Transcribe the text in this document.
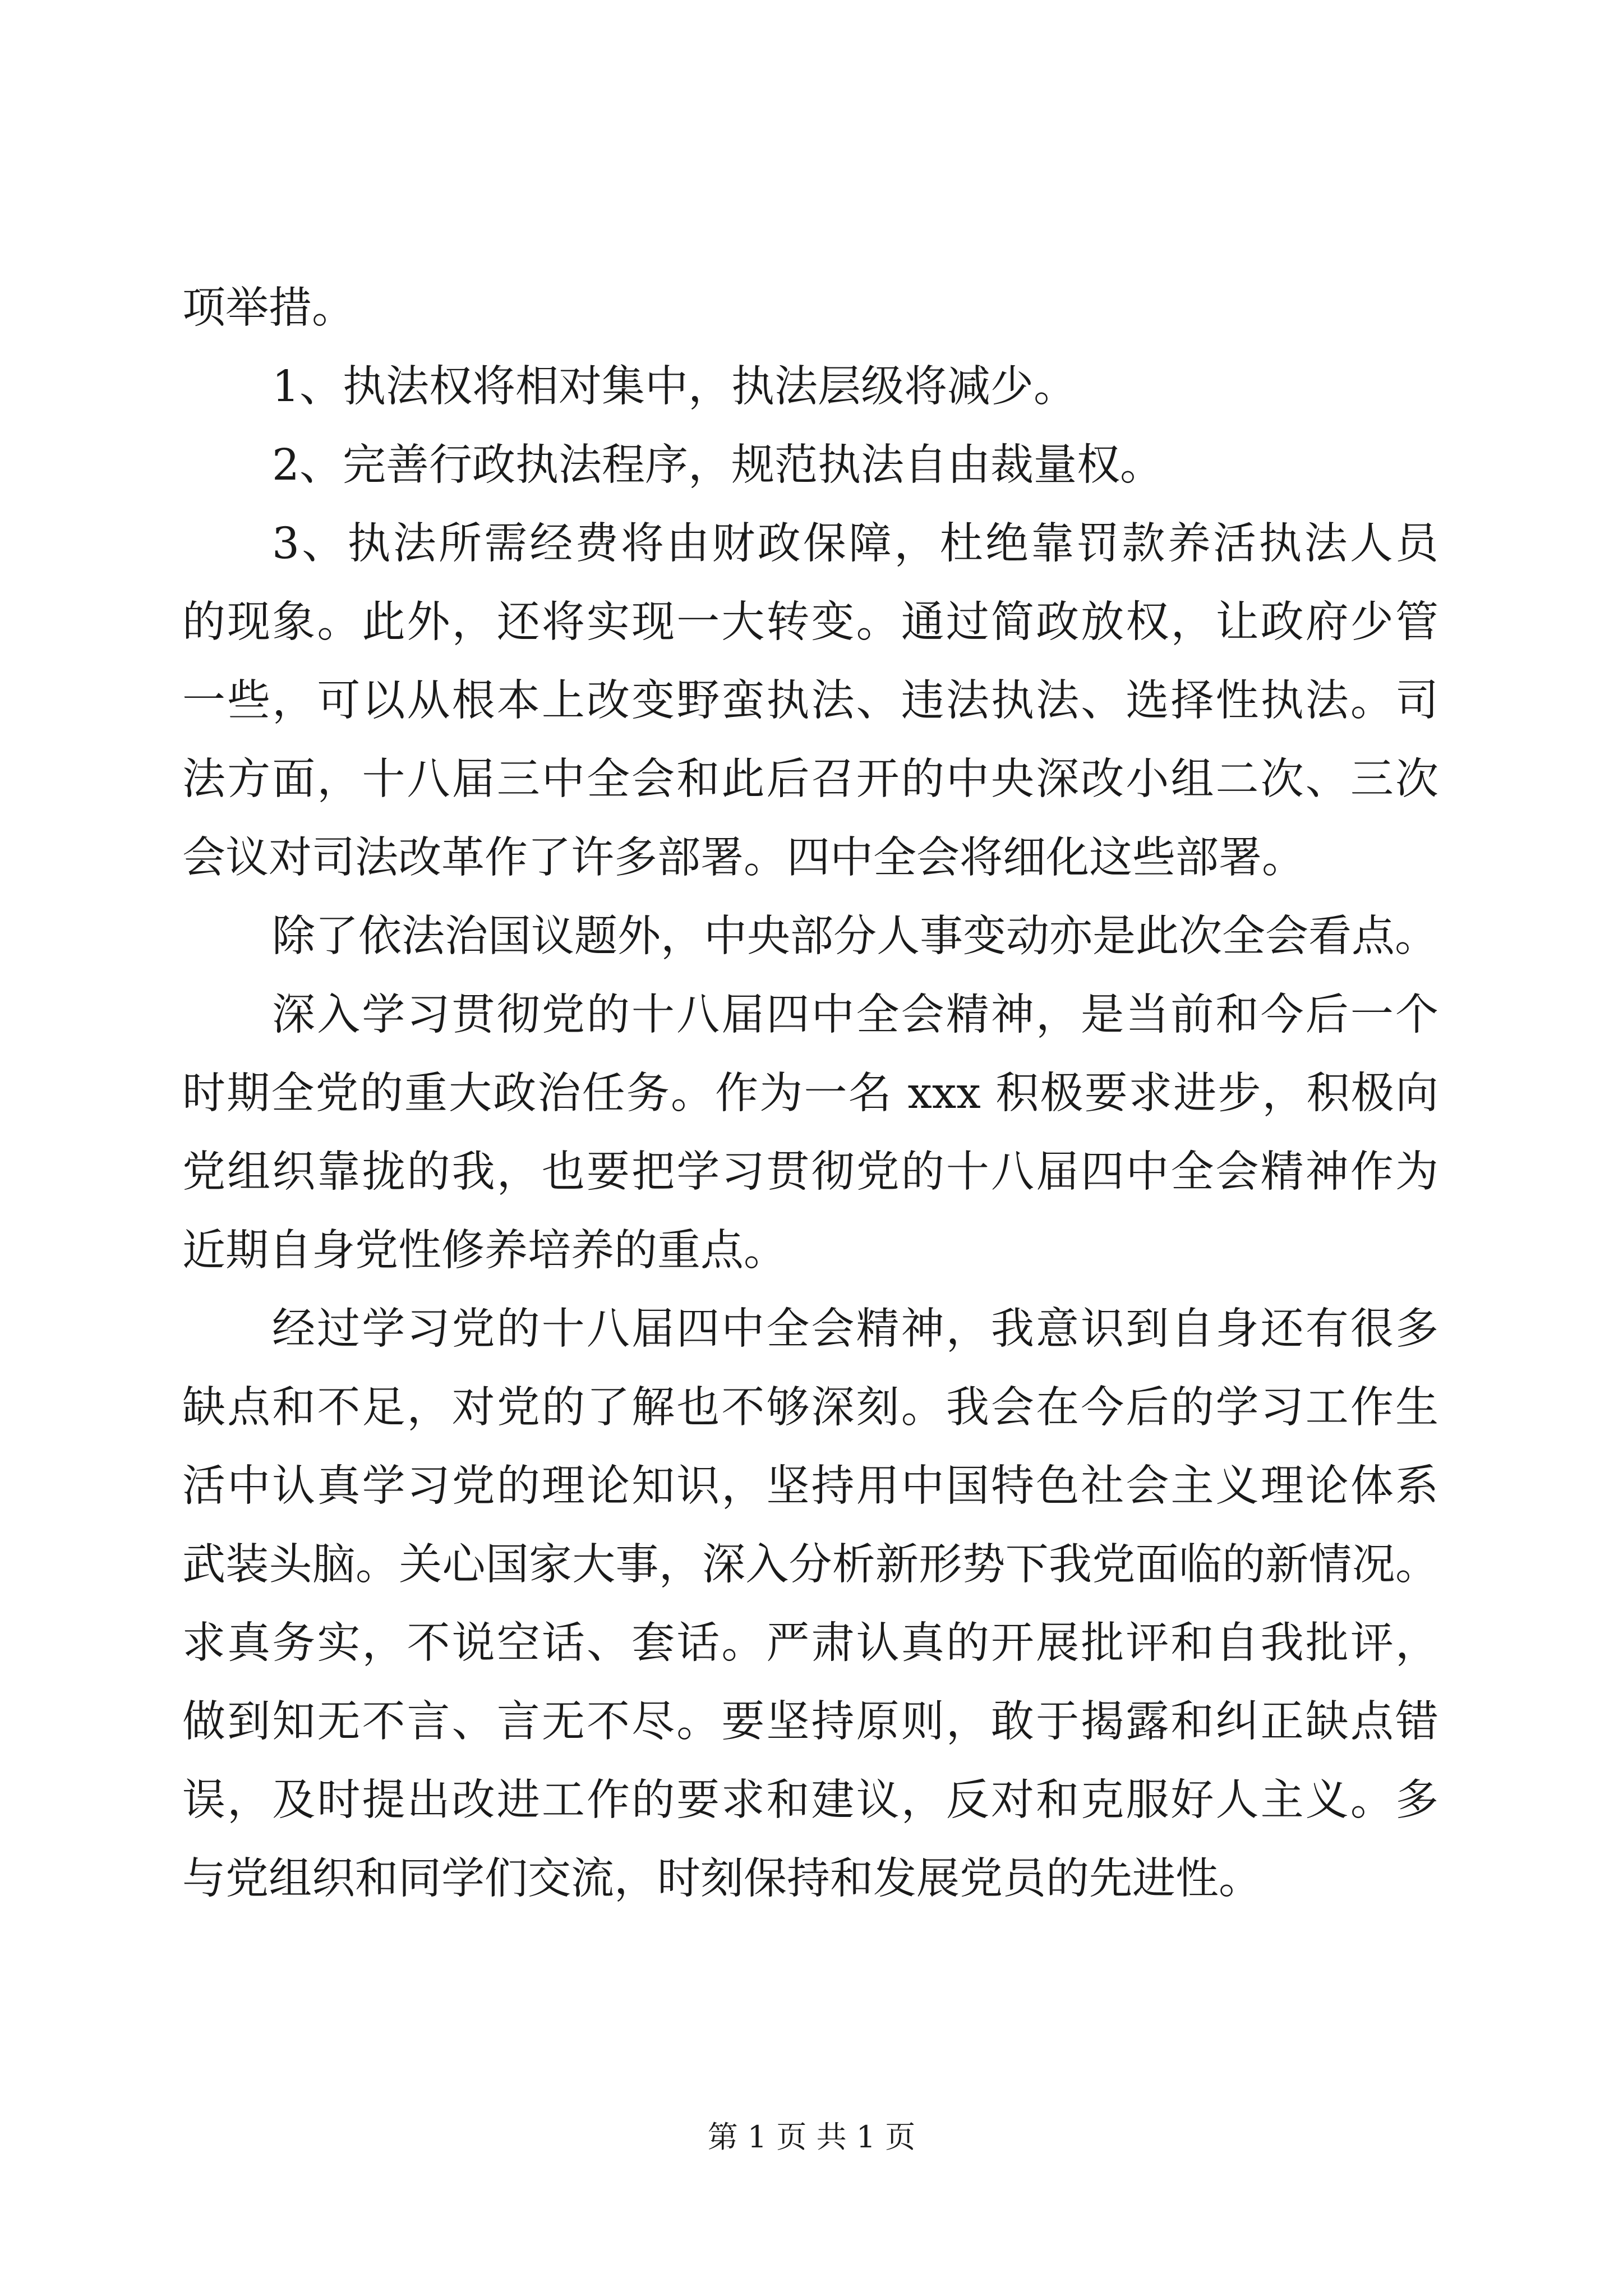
项举措。
1、执法权将相对集中，执法层级将减少。
2、完善行政执法程序，规范执法自由裁量权。
3、执法所需经费将由财政保障，杜绝靠罚款养活执法人员
的现象。此外，还将实现一大转变。通过简政放权，让政府少管
一些，可以从根本上改变野蛮执法、违法执法、选择性执法。司
法方面，十八届三中全会和此后召开的中央深改小组二次、三次
会议对司法改革作了许多部署。四中全会将细化这些部署。
除了依法治国议题外，中央部分人事变动亦是此次全会看点。
深入学习贯彻党的十八届四中全会精神，是当前和今后一个
时期全党的重大政治任务。作为一名 xxx 积极要求进步，积极向
党组织靠拢的我，也要把学习贯彻党的十八届四中全会精神作为
近期自身党性修养培养的重点。
经过学习党的十八届四中全会精神，我意识到自身还有很多
缺点和不足，对党的了解也不够深刻。我会在今后的学习工作生
活中认真学习党的理论知识，坚持用中国特色社会主义理论体系
武装头脑。关心国家大事，深入分析新形势下我党面临的新情况。
求真务实，不说空话、套话。严肃认真的开展批评和自我批评，
做到知无不言、言无不尽。要坚持原则，敢于揭露和纠正缺点错
误，及时提出改进工作的要求和建议，反对和克服好人主义。多
与党组织和同学们交流，时刻保持和发展党员的先进性。
第 1 页 共 1 页
